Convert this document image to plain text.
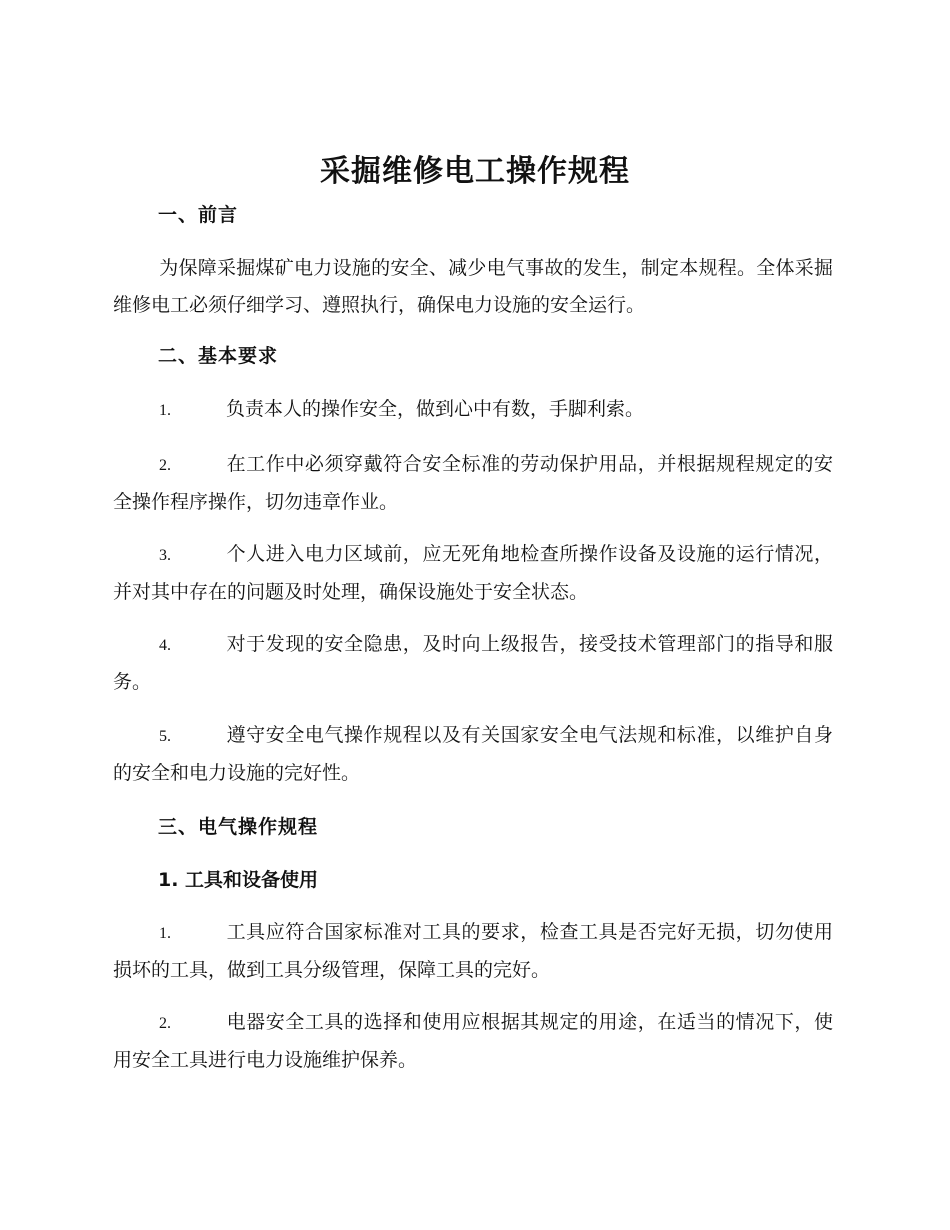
采掘维修电工操作规程
一、前言
为保障采掘煤矿电力设施的安全、减少电气事故的发生，制定本规程。全体采掘维修电工必须仔细学习、遵照执行，确保电力设施的安全运行。
二、基本要求
1.	负责本人的操作安全，做到心中有数，手脚利索。
2.	在工作中必须穿戴符合安全标准的劳动保护用品，并根据规程规定的安全操作程序操作，切勿违章作业。
3.	个人进入电力区域前，应无死角地检查所操作设备及设施的运行情况，并对其中存在的问题及时处理，确保设施处于安全状态。
4.	对于发现的安全隐患，及时向上级报告，接受技术管理部门的指导和服务。
5.	遵守安全电气操作规程以及有关国家安全电气法规和标准，以维护自身的安全和电力设施的完好性。
三、电气操作规程
1. 工具和设备使用
1.	工具应符合国家标准对工具的要求，检查工具是否完好无损，切勿使用损坏的工具，做到工具分级管理，保障工具的完好。
2.	电器安全工具的选择和使用应根据其规定的用途，在适当的情况下，使用安全工具进行电力设施维护保养。
